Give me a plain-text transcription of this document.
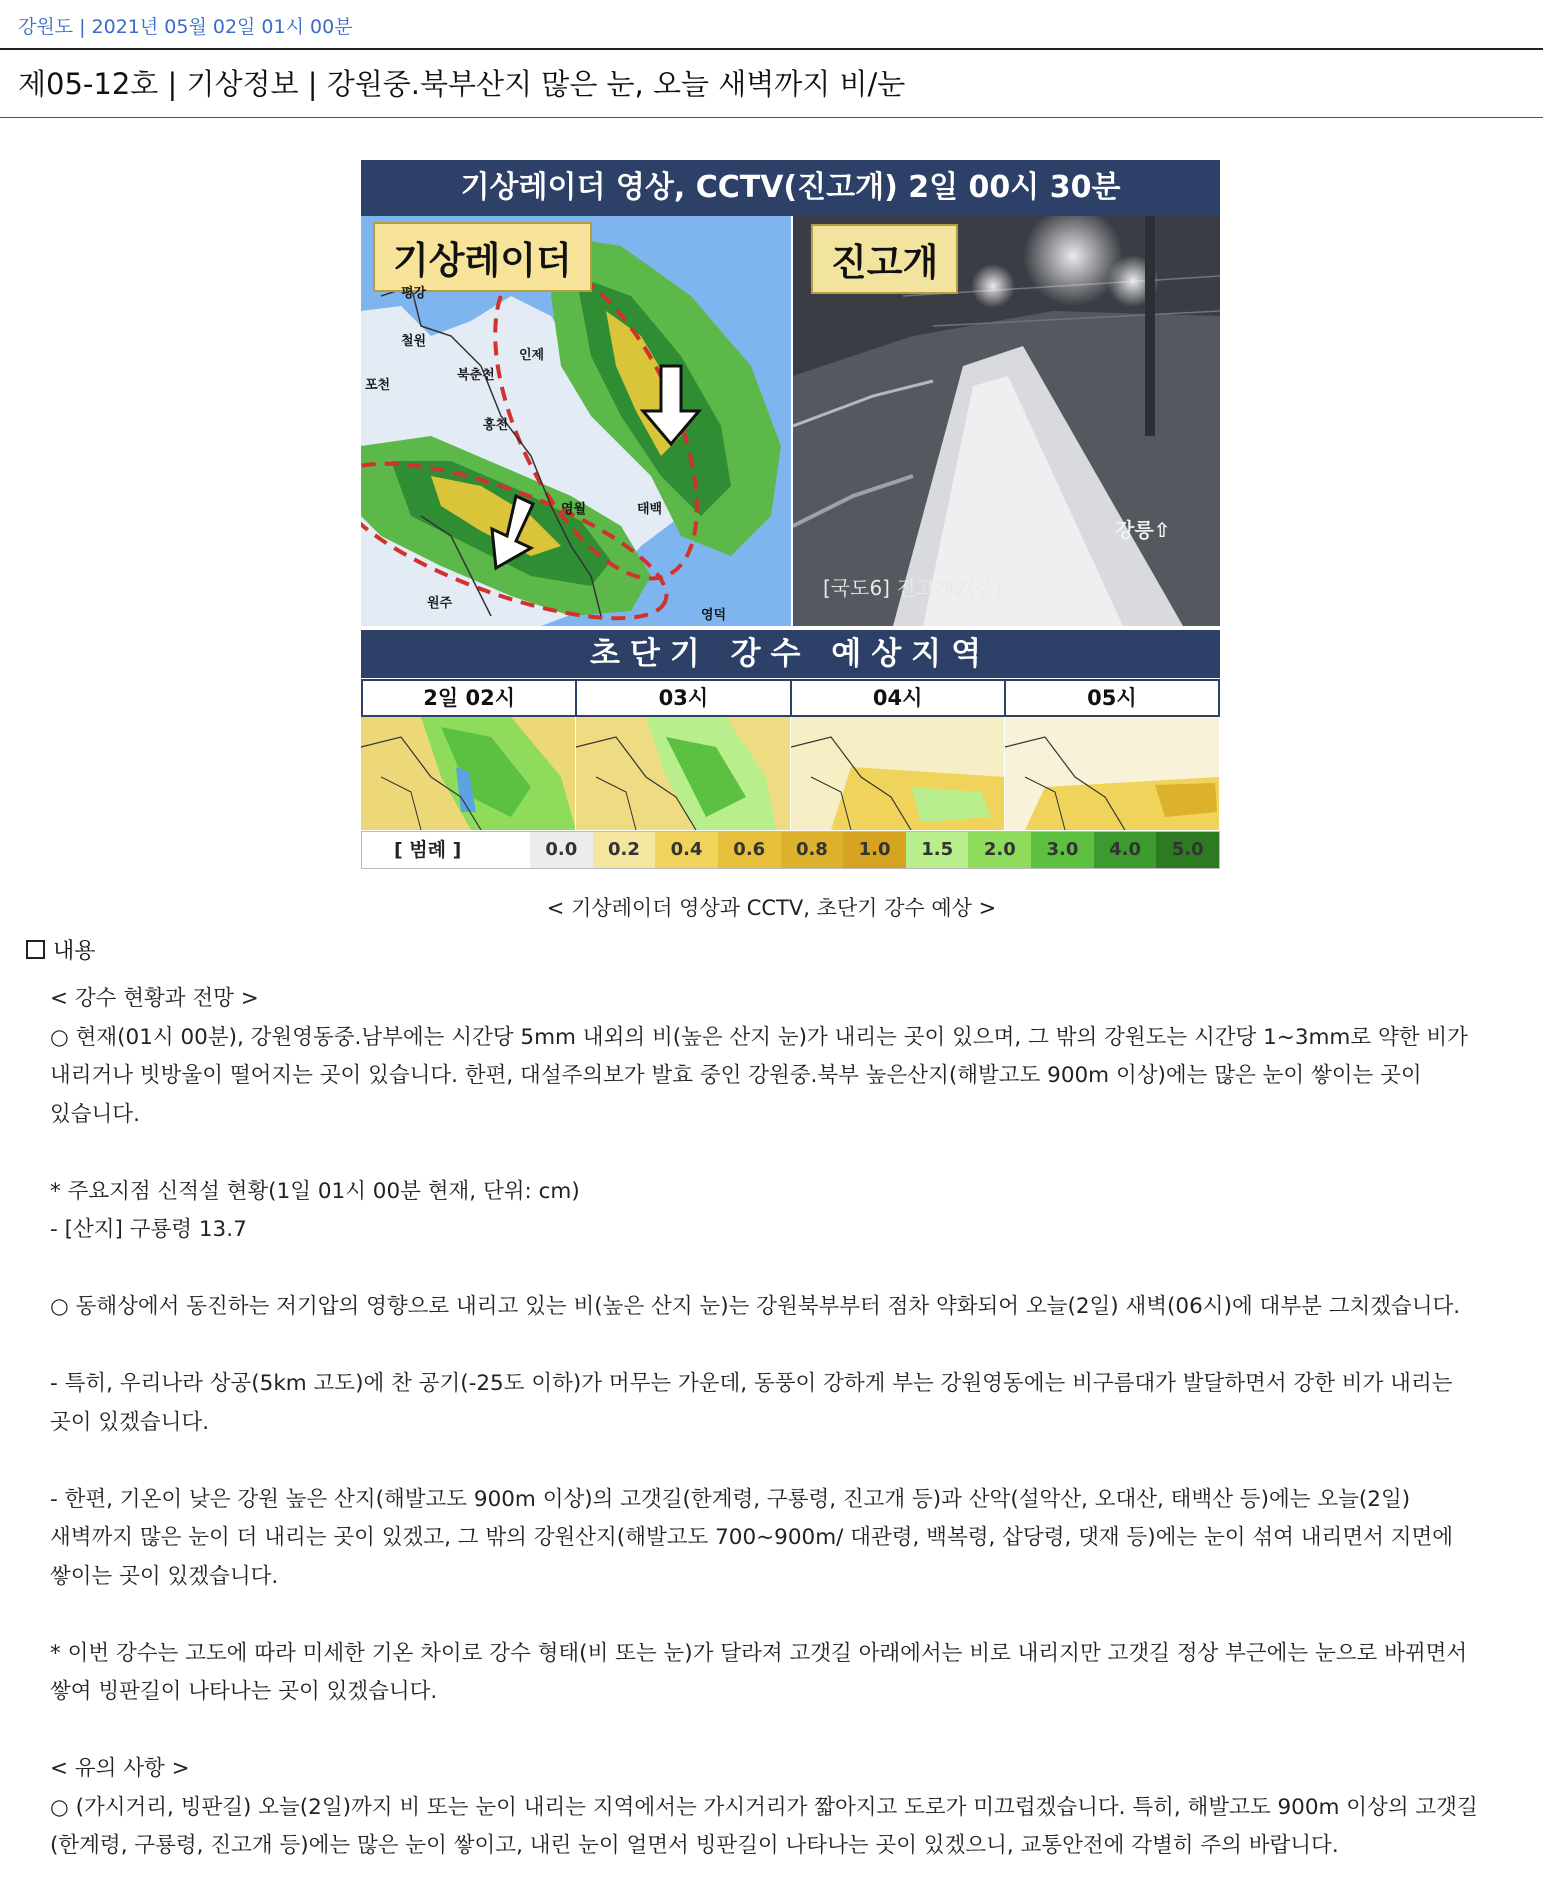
강원도 | 2021년 05월 02일 01시 00분
제05-12호 | 기상정보 | 강원중.북부산지 많은 눈, 오늘 새벽까지 비/눈
기상레이더 영상, CCTV(진고개) 2일 00시 30분
기상레이더
평강
철원
인제
북춘천
홍천
영월	태백
원주
영덕
포천
진고개
강릉⇧
[국도6] 진고개2(상)
초단기 강수 예상지역
2일 02시	03시	04시	05시
[ 범례 ]	0.0	0.2	0.4	0.6	0.8	1.0	1.5	2.0	3.0	4.0	5.0
< 기상레이더 영상과 CCTV, 초단기 강수 예상 >
내용

< 강수 현황과 전망 >

○ 현재(01시 00분), 강원영동중.남부에는 시간당 5mm 내외의 비(높은 산지 눈)가 내리는 곳이 있으며, 그 밖의 강원도는 시간당 1~3mm로 약한 비가

내리거나 빗방울이 떨어지는 곳이 있습니다. 한편, 대설주의보가 발효 중인 강원중.북부 높은산지(해발고도 900m 이상)에는 많은 눈이 쌓이는 곳이

있습니다.

* 주요지점 신적설 현황(1일 01시 00분 현재, 단위: cm)

- [산지] 구룡령 13.7

○ 동해상에서 동진하는 저기압의 영향으로 내리고 있는 비(높은 산지 눈)는 강원북부부터 점차 약화되어 오늘(2일) 새벽(06시)에 대부분 그치겠습니다.

- 특히, 우리나라 상공(5km 고도)에 찬 공기(-25도 이하)가 머무는 가운데, 동풍이 강하게 부는 강원영동에는 비구름대가 발달하면서 강한 비가 내리는

곳이 있겠습니다.

- 한편, 기온이 낮은 강원 높은 산지(해발고도 900m 이상)의 고갯길(한계령, 구룡령, 진고개 등)과 산악(설악산, 오대산, 태백산 등)에는 오늘(2일)

새벽까지 많은 눈이 더 내리는 곳이 있겠고, 그 밖의 강원산지(해발고도 700~900m/ 대관령, 백복령, 삽당령, 댓재 등)에는 눈이 섞여 내리면서 지면에

쌓이는 곳이 있겠습니다.

* 이번 강수는 고도에 따라 미세한 기온 차이로 강수 형태(비 또는 눈)가 달라져 고갯길 아래에서는 비로 내리지만 고갯길 정상 부근에는 눈으로 바뀌면서

쌓여 빙판길이 나타나는 곳이 있겠습니다.

< 유의 사항 >

○ (가시거리, 빙판길) 오늘(2일)까지 비 또는 눈이 내리는 지역에서는 가시거리가 짧아지고 도로가 미끄럽겠습니다. 특히, 해발고도 900m 이상의 고갯길

(한계령, 구룡령, 진고개 등)에는 많은 눈이 쌓이고, 내린 눈이 얼면서 빙판길이 나타나는 곳이 있겠으니, 교통안전에 각별히 주의 바랍니다.
